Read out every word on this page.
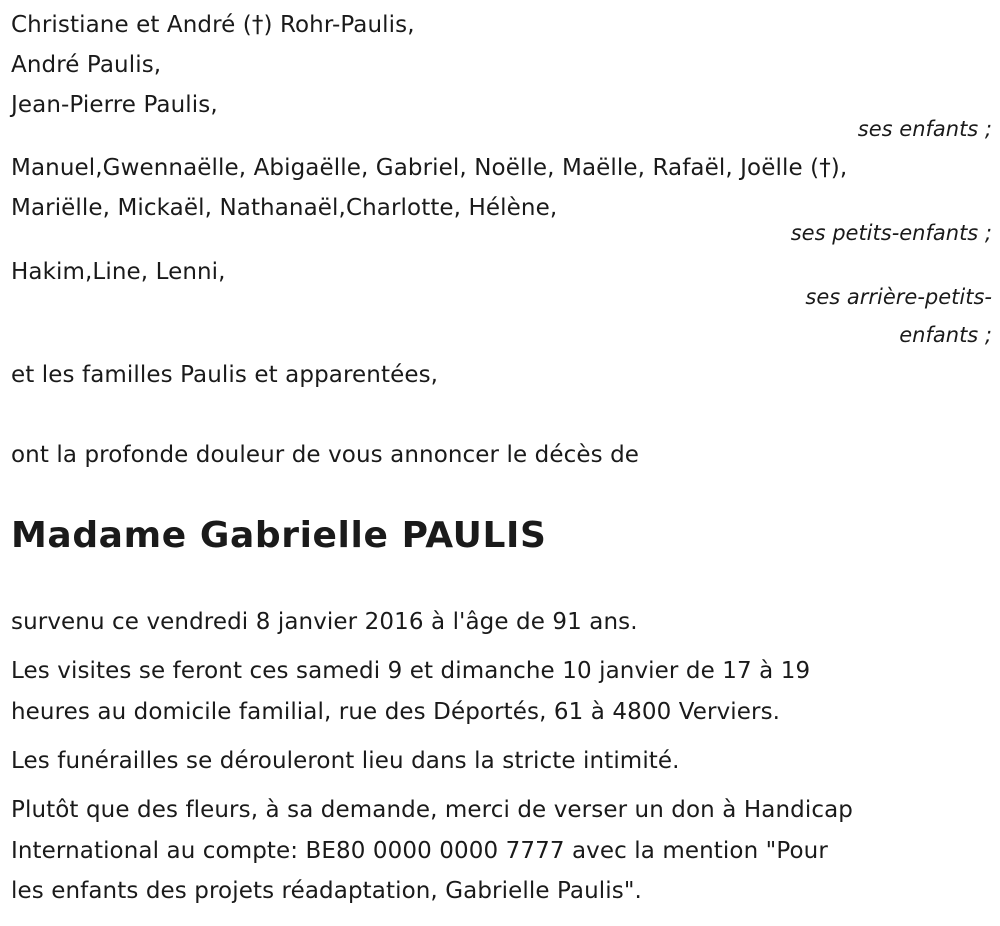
Christiane et André (†) Rohr-Paulis,
André Paulis,
Jean-Pierre Paulis,
ses enfants ;
Manuel,Gwennaëlle, Abigaëlle, Gabriel, Noëlle, Maëlle, Rafaël, Joëlle (†),
Mariëlle, Mickaël, Nathanaël,Charlotte, Hélène,
ses petits-enfants ;
Hakim,Line, Lenni,
ses arrière-petits-
enfants ;
et les familles Paulis et apparentées,
ont la profonde douleur de vous annoncer le décès de
Madame Gabrielle PAULIS
survenu ce vendredi 8 janvier 2016 à l'âge de 91 ans.
Les visites se feront ces samedi 9 et dimanche 10 janvier de 17 à 19
heures au domicile familial, rue des Déportés, 61 à 4800 Verviers.
Les funérailles se dérouleront lieu dans la stricte intimité.
Plutôt que des fleurs, à sa demande, merci de verser un don à Handicap
International au compte: BE80 0000 0000 7777 avec la mention "Pour
les enfants des projets réadaptation, Gabrielle Paulis".
